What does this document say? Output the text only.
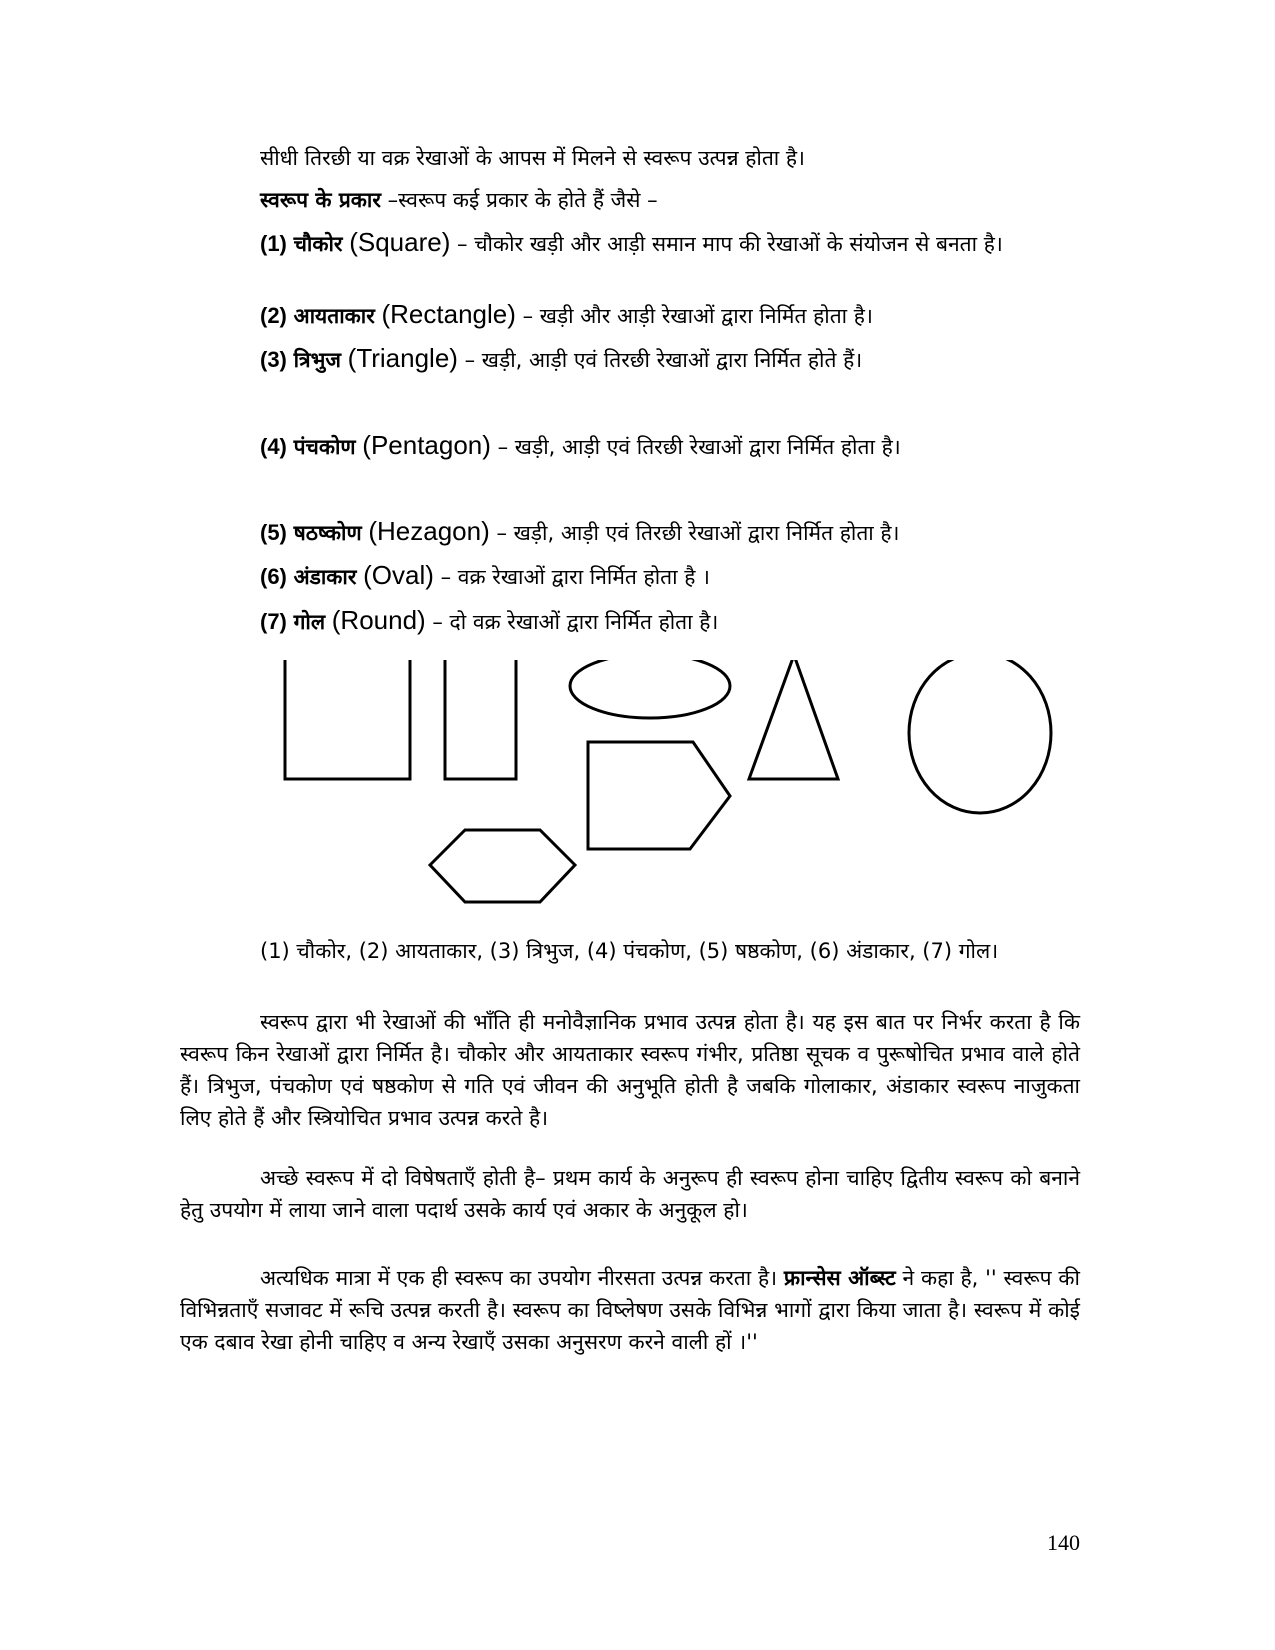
सीधी तिरछी या वक्र रेखाओं के आपस में मिलने से स्वरूप उत्पन्न होता है।

स्वरूप के प्रकार –स्वरूप कई प्रकार के होते हैं जैसे –

(1) चौकोर (Square) – चौकोर खड़ी और आड़ी समान माप की रेखाओं के संयोजन से बनता है।

(2) आयताकार (Rectangle) – खड़ी और आड़ी रेखाओं द्वारा निर्मित होता है।

(3) त्रिभुज (Triangle) – खड़ी, आड़ी एवं तिरछी रेखाओं द्वारा निर्मित होते हैं।

(4) पंचकोण (Pentagon) – खड़ी, आड़ी एवं तिरछी रेखाओं द्वारा निर्मित होता है।

(5) षठष्कोण (Hezagon) – खड़ी, आड़ी एवं तिरछी रेखाओं द्वारा निर्मित होता है।

(6) अंडाकार (Oval) – वक्र रेखाओं द्वारा निर्मित होता है ।

(7) गोल (Round) – दो वक्र रेखाओं द्वारा निर्मित होता है।

(1) चौकोर, (2) आयताकार, (3) त्रिभुज, (4) पंचकोण, (5) षष्ठकोण, (6) अंडाकार, (7) गोल।

स्वरूप द्वारा भी रेखाओं की भाँति ही मनोवैज्ञानिक प्रभाव उत्पन्न होता है। यह इस बात पर निर्भर करता है कि स्वरूप किन रेखाओं द्वारा निर्मित है। चौकोर और आयताकार स्वरूप गंभीर, प्रतिष्ठा सूचक व पुरूषोचित प्रभाव वाले होते हैं। त्रिभुज, पंचकोण एवं षष्ठकोण से गति एवं जीवन की अनुभूति होती है जबकि गोलाकार, अंडाकार स्वरूप नाजुकता लिए होते हैं और स्त्रियोचित प्रभाव उत्पन्न करते है।

अच्छे स्वरूप में दो विषेषताएँ होती है– प्रथम कार्य के अनुरूप ही स्वरूप होना चाहिए द्वितीय स्वरूप को बनाने हेतु उपयोग में लाया जाने वाला पदार्थ उसके कार्य एवं अकार के अनुकूल हो।

अत्यधिक मात्रा में एक ही स्वरूप का उपयोग नीरसता उत्पन्न करता है। फ्रान्सेस ऑब्स्ट ने कहा है, '' स्वरूप की विभिन्नताएँ सजावट में रूचि उत्पन्न करती है। स्वरूप का विष्लेषण उसके विभिन्न भागों द्वारा किया जाता है। स्वरूप में कोई एक दबाव रेखा होनी चाहिए व अन्य रेखाएँ उसका अनुसरण करने वाली हों ।''

140
